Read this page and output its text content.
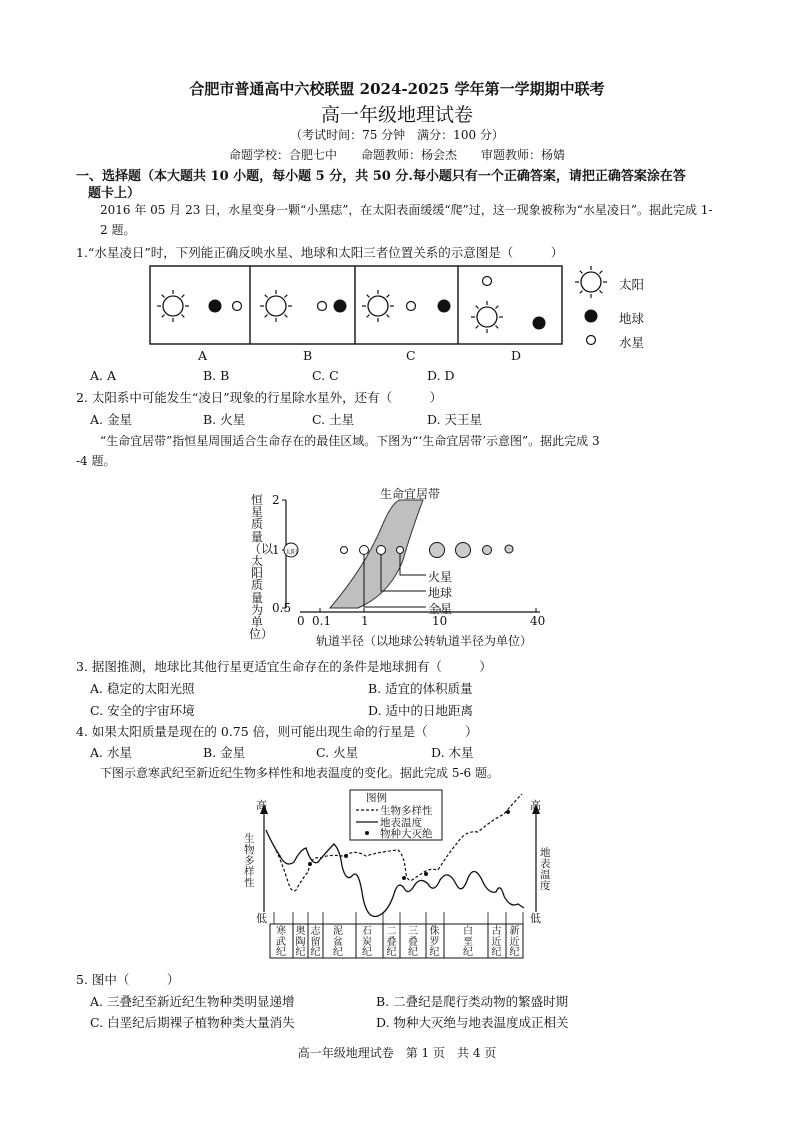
合肥市普通高中六校联盟 2024-2025 学年第一学期期中联考
高一年级地理试卷
（考试时间：75 分钟　满分：100 分）
命题学校：合肥七中　　命题教师：杨会杰　　审题教师：杨婧
一、选择题（本大题共 10 小题，每小题 5 分，共 50 分.每小题只有一个正确答案，请把正确答案涂在答
题卡上）
2016 年 05 月 23 日，水星变身一颗“小黑痣”，在太阳表面缓缓“爬”过，这一现象被称为“水星凌日”。据此完成 1-2 题。
1.“水星凌日”时，下列能正确反映水星、地球和太阳三者位置关系的示意图是（　　　）
太阳
地球
水星
A	B	C	D
A. A	B. B	C. C	D. D
2. 太阳系中可能发生“凌日”现象的行星除水星外，还有（　　　）
A. 金星	B. 火星	C. 土星	D. 天王星
“生命宜居带”指恒星周围适合生命存在的最佳区域。下图为“‘生命宜居带’示意图”。据此完成 3
-4 题。
生命宜居带
恒星质量（以太阳质量为单位）
2
1
0.5
太阳
火星
地球
金星
0 0.1 1	10	40
轨道半径（以地球公转轨道半径为单位）
3. 据图推测，地球比其他行星更适宜生命存在的条件是地球拥有（　　　）
A. 稳定的太阳光照	B. 适宜的体积质量
C. 安全的宇宙环境	D. 适中的日地距离
4. 如果太阳质量是现在的 0.75 倍，则可能出现生命的行星是（　　　）
A. 水星	B. 金星	C. 火星	D. 木星
下图示意寒武纪至新近纪生物多样性和地表温度的变化。据此完成 5-6 题。
高
低
高
低
生物多样性
地表温度
图例
生物多样性
地表温度
物种大灭绝
寒武纪
奥陶纪
志留纪
泥盆纪
石炭纪
二叠纪
三叠纪
侏罗纪
白垩纪
古近纪
新近纪
5. 图中（　　　）
A. 三叠纪至新近纪生物种类明显递增	B. 二叠纪是爬行类动物的繁盛时期
C. 白垩纪后期裸子植物种类大量消失	D. 物种大灭绝与地表温度成正相关
高一年级地理试卷　第 1 页　共 4 页
